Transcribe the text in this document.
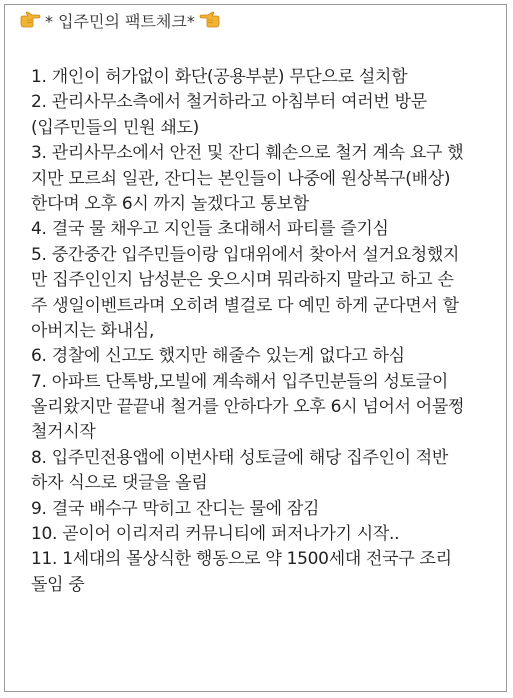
* 입주민의 팩트체크*
1. 개인이 허가없이 화단(공용부분) 무단으로 설치함
2. 관리사무소측에서 철거하라고 아침부터 여러번 방문
(입주민들의 민원 쇄도)
3. 관리사무소에서 안전 및 잔디 훼손으로 철거 계속 요구 했
지만 모르쇠 일관, 잔디는 본인들이 나중에 원상복구(배상)
한다며 오후 6시 까지 놀겠다고 통보함
4. 결국 물 채우고 지인들 초대해서 파티를 즐기심
5. 중간중간 입주민들이랑 입대위에서 찾아서 설거요청했지
만 집주인인지 남성분은 웃으시며 뭐라하지 말라고 하고 손
주 생일이벤트라며 오히려 별걸로 다 예민 하게 군다면서 할
아버지는 화내심,
6. 경찰에 신고도 했지만 해줄수 있는게 없다고 하심
7. 아파트 단톡방,모빌에 계속해서 입주민분들의 성토글이
올리왔지만 끝끝내 철거를 안하다가 오후 6시 넘어서 어물쩡
철거시작
8. 입주민전용앱에 이번사태 성토글에 해당 집주인이 적반
하자 식으로 댓글을 올림
9. 결국 배수구 막히고 잔디는 물에 잠김
10. 곧이어 이리저리 커뮤니티에 퍼저나가기 시작..
11. 1세대의 몰상식한 행동으로 약 1500세대 전국구 조리
돌임 중
